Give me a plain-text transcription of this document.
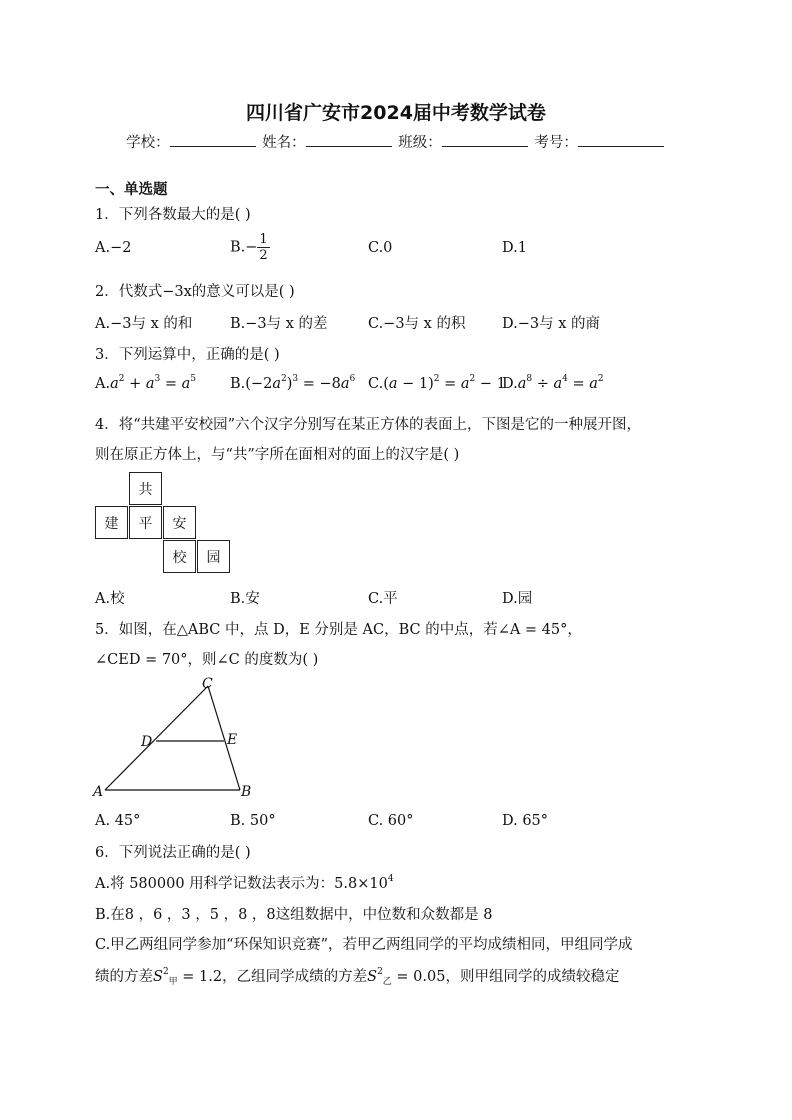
四川省广安市2024届中考数学试卷
学校：	姓名：	班级：	考号：
一、单选题
1．下列各数最大的是( )
A.−2	$B.- \frac{1}{2}$	C.0	D.1
2．代数式−3x的意义可以是( )
A.−3与 x 的和	B.−3与 x 的差	C.−3与 x 的积	D.−3与 x 的商
3．下列运算中，正确的是( )
$A.a^2 + a^3 = a^5$ $B.(-2a^2)^3 = -8a^6$ $C.(a - 1)^2 = a^2 - 1$
$D.a^8 \div a^4 = a^2$
4．将“共建平安校园”六个汉字分别写在某正方体的表面上，下图是它的一种展开图，
则在原正方体上，与“共”字所在面相对的面上的汉字是( )
共
建	平	安
校	园
A.校	B.安	C.平	D.园
5．如图，在△ABC 中，点 D，E 分别是 AC，BC 的中点，若∠A = 45°，
∠CED = 70°，则∠C 的度数为( )
C
D	E
A	B
A. 45°	B. 50°	C. 60°	D. 65°
6．下列说法正确的是( )
A.将 580000 用科学记数法表示为：$5.8\times 10^4$
B.在8 ，6 ，3 ，5 ，8 ，8这组数据中，中位数和众数都是 8
C.甲乙两组同学参加“环保知识竞赛”，若甲乙两组同学的平均成绩相同，甲组同学成
绩的方差$S^2_甲 = 1.2$，乙组同学成绩的方差$S^2_乙 = 0.05$，则甲组同学的成绩较稳定
